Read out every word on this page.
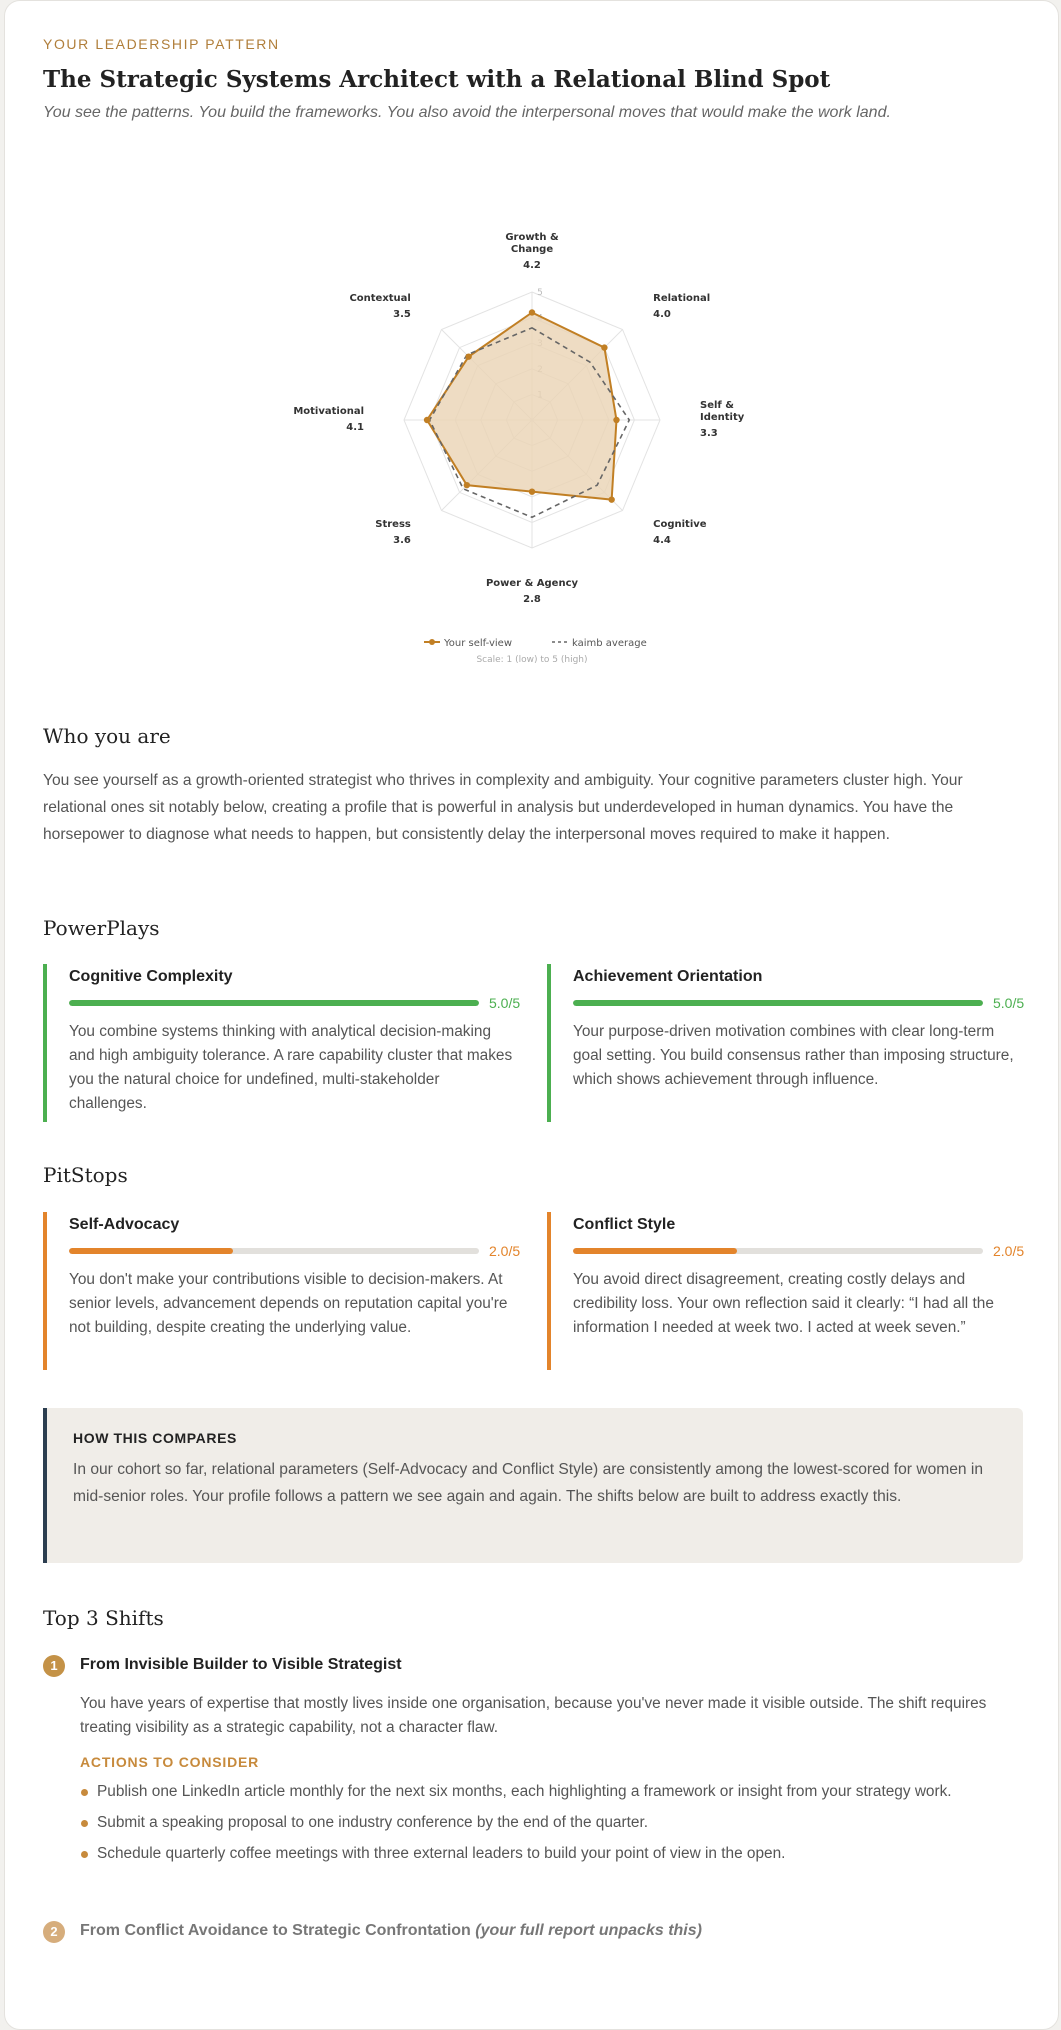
YOUR LEADERSHIP PATTERN
The Strategic Systems Architect with a Relational Blind Spot
You see the patterns. You build the frameworks. You also avoid the interpersonal moves that would make the work land.
5
Growth &
Change
4.2
Relational
4.0
Self &
Identity
3.3
Cognitive
4.4
Power & Agency
2.8
Stress
3.6
Motivational
4.1
Contextual
3.5
Your self-view	kaimb average
Scale: 1 (low) to 5 (high)
Who you are
You see yourself as a growth-oriented strategist who thrives in complexity and ambiguity. Your cognitive parameters cluster high. Your relational ones sit notably below, creating a profile that is powerful in analysis but underdeveloped in human dynamics. You have the horsepower to diagnose what needs to happen, but consistently delay the interpersonal moves required to make it happen.
PowerPlays
Cognitive Complexity
5.0/5
You combine systems thinking with analytical decision-making and high ambiguity tolerance. A rare capability cluster that makes you the natural choice for undefined, multi-stakeholder challenges.
Achievement Orientation
5.0/5
Your purpose-driven motivation combines with clear long-term goal setting. You build consensus rather than imposing structure, which shows achievement through influence.
PitStops
Self-Advocacy
2.0/5
You don't make your contributions visible to decision-makers. At senior levels, advancement depends on reputation capital you're not building, despite creating the underlying value.
Conflict Style
2.0/5
You avoid direct disagreement, creating costly delays and credibility loss. Your own reflection said it clearly: “I had all the information I needed at week two. I acted at week seven.”
HOW THIS COMPARES
In our cohort so far, relational parameters (Self-Advocacy and Conflict Style) are consistently among the lowest-scored for women in mid-senior roles. Your profile follows a pattern we see again and again. The shifts below are built to address exactly this.
Top 3 Shifts
1	From Invisible Builder to Visible Strategist
You have years of expertise that mostly lives inside one organisation, because you've never made it visible outside. The shift requires treating visibility as a strategic capability, not a character flaw.
ACTIONS TO CONSIDER
Publish one LinkedIn article monthly for the next six months, each highlighting a framework or insight from your strategy work.
Submit a speaking proposal to one industry conference by the end of the quarter.
Schedule quarterly coffee meetings with three external leaders to build your point of view in the open.
2	From Conflict Avoidance to Strategic Confrontation (your full report unpacks this)
